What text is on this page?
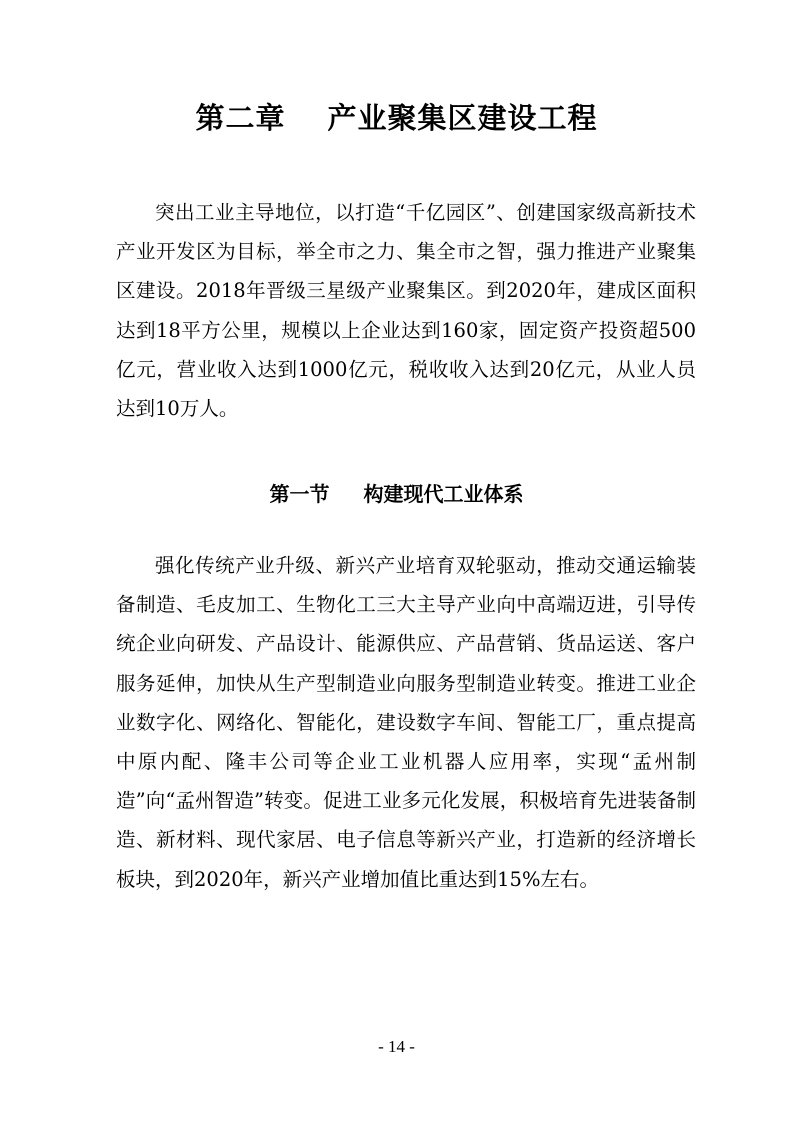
第二章 产业聚集区建设工程

突出工业主导地位，以打造“千亿园区”、创建国家级高新技术产业开发区为目标，举全市之力、集全市之智，强力推进产业聚集区建设。2018年晋级三星级产业聚集区。到2020年，建成区面积达到18平方公里，规模以上企业达到160家，固定资产投资超500亿元，营业收入达到1000亿元，税收收入达到20亿元，从业人员达到10万人。

第一节 构建现代工业体系

强化传统产业升级、新兴产业培育双轮驱动，推动交通运输装备制造、毛皮加工、生物化工三大主导产业向中高端迈进，引导传统企业向研发、产品设计、能源供应、产品营销、货品运送、客户服务延伸，加快从生产型制造业向服务型制造业转变。推进工业企业数字化、网络化、智能化，建设数字车间、智能工厂，重点提高中原内配、隆丰公司等企业工业机器人应用率，实现“孟州制造”向“孟州智造”转变。促进工业多元化发展，积极培育先进装备制造、新材料、现代家居、电子信息等新兴产业，打造新的经济增长板块，到2020年，新兴产业增加值比重达到15%左右。

- 14 -
